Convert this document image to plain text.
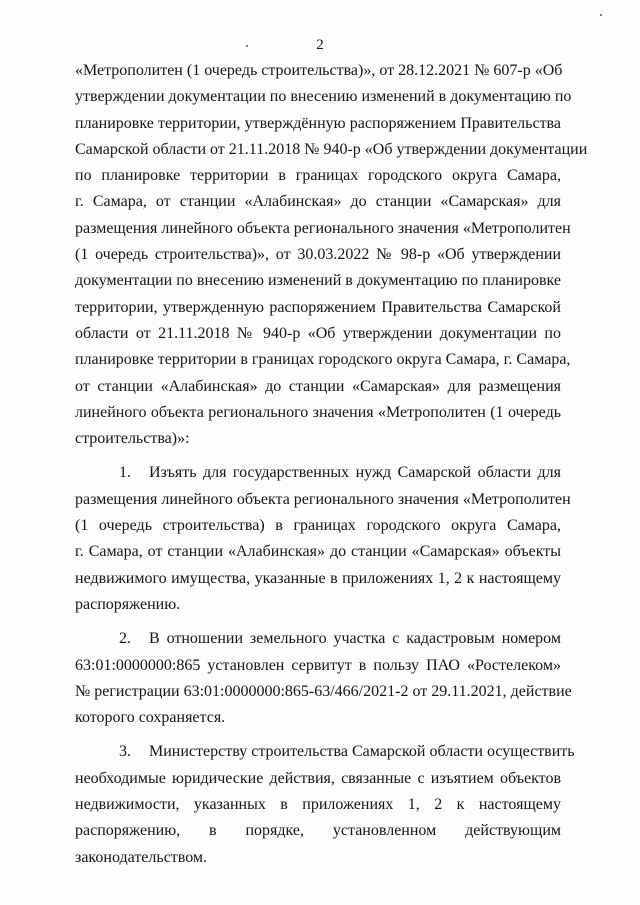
2
«Метрополитен (1 очередь строительства)», от 28.12.2021 № 607-р «Об
утверждении документации по внесению изменений в документацию по
планировке территории, утверждённую распоряжением Правительства
Самарской области от 21.11.2018 № 940-р «Об утверждении документации
по планировке территории в границах городского округа Самара,
г. Самара, от станции «Алабинская» до станции «Самарская» для
размещения линейного объекта регионального значения «Метрополитен
(1 очередь строительства)», от 30.03.2022 № 98-р «Об утверждении
документации по внесению изменений в документацию по планировке
территории, утвержденную распоряжением Правительства Самарской
области от 21.11.2018 № 940-р «Об утверждении документации по
планировке территории в границах городского округа Самара, г. Самара,
от станции «Алабинская» до станции «Самарская» для размещения
линейного объекта регионального значения «Метрополитен (1 очередь
строительства)»:
1. Изъять для государственных нужд Самарской области для
размещения линейного объекта регионального значения «Метрополитен
(1 очередь строительства) в границах городского округа Самара,
г. Самара, от станции «Алабинская» до станции «Самарская» объекты
недвижимого имущества, указанные в приложениях 1, 2 к настоящему
распоряжению.
2. В отношении земельного участка с кадастровым номером
63:01:0000000:865 установлен сервитут в пользу ПАО «Ростелеком»
№ регистрации 63:01:0000000:865-63/466/2021-2 от 29.11.2021, действие
которого сохраняется.
3. Министерству строительства Самарской области осуществить
необходимые юридические действия, связанные с изъятием объектов
недвижимости, указанных в приложениях 1, 2 к настоящему
распоряжению, в порядке, установленном действующим
законодательством.
